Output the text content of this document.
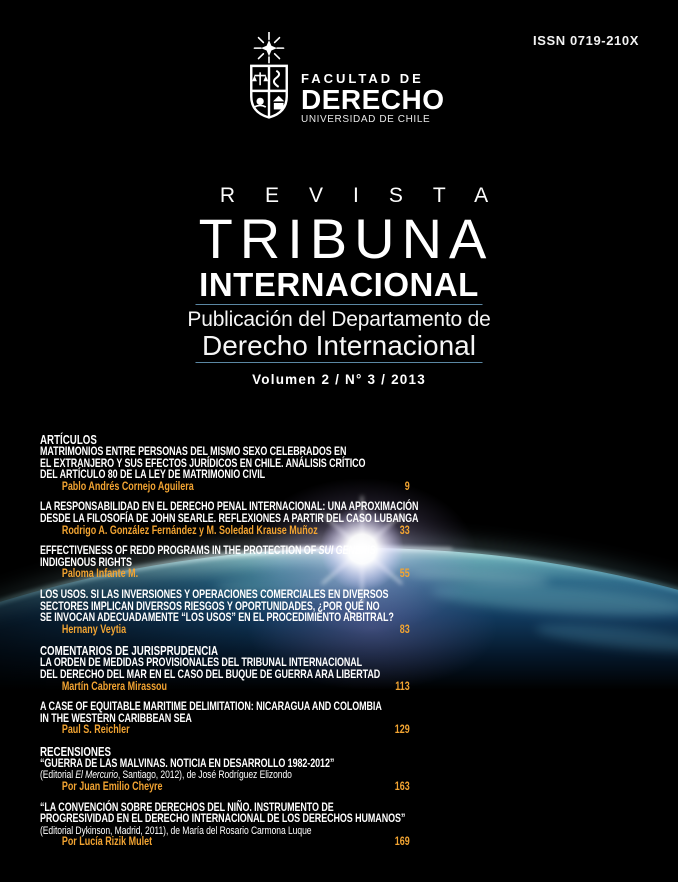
ISSN 0719-210X
FACULTAD DE
DERECHO
UNIVERSIDAD DE CHILE
REVISTA
TRIBUNA
INTERNACIONAL
Publicación del Departamento de
Derecho Internacional
Volumen 2 / N° 3 / 2013
ARTÍCULOS
MATRIMONIOS ENTRE PERSONAS DEL MISMO SEXO CELEBRADOS EN
EL EXTRANJERO Y SUS EFECTOS JURÍDICOS EN CHILE. ANÁLISIS CRÍTICO
DEL ARTÍCULO 80 DE LA LEY DE MATRIMONIO CIVIL
Pablo Andrés Cornejo Aguilera	9
LA RESPONSABILIDAD EN EL DERECHO PENAL INTERNACIONAL: UNA APROXIMACIÓN
DESDE LA FILOSOFÍA DE JOHN SEARLE. REFLEXIONES A PARTIR DEL CASO LUBANGA
Rodrigo A. González Fernández y M. Soledad Krause Muñoz	33
EFFECTIVENESS OF REDD PROGRAMS IN THE PROTECTION OF SUI GENERIS
INDIGENOUS RIGHTS
Paloma Infante M.	55
LOS USOS. SI LAS INVERSIONES Y OPERACIONES COMERCIALES EN DIVERSOS
SECTORES IMPLICAN DIVERSOS RIESGOS Y OPORTUNIDADES, ¿POR QUÉ NO
SE INVOCAN ADECUADAMENTE “LOS USOS” EN EL PROCEDIMIENTO ARBITRAL?
Hernany Veytia	83
COMENTARIOS DE JURISPRUDENCIA
LA ORDEN DE MEDIDAS PROVISIONALES DEL TRIBUNAL INTERNACIONAL
DEL DERECHO DEL MAR EN EL CASO DEL BUQUE DE GUERRA ARA LIBERTAD
Martín Cabrera Mirassou	113
A CASE OF EQUITABLE MARITIME DELIMITATION: NICARAGUA AND COLOMBIA
IN THE WESTERN CARIBBEAN SEA
Paul S. Reichler	129
RECENSIONES
“GUERRA DE LAS MALVINAS. NOTICIA EN DESARROLLO 1982-2012”
(Editorial El Mercurio, Santiago, 2012), de José Rodríguez Elizondo
Por Juan Emilio Cheyre	163
“LA CONVENCIÓN SOBRE DERECHOS DEL NIÑO. INSTRUMENTO DE
PROGRESIVIDAD EN EL DERECHO INTERNACIONAL DE LOS DERECHOS HUMANOS”
(Editorial Dykinson, Madrid, 2011), de María del Rosario Carmona Luque
Por Lucía Rizik Mulet	169
